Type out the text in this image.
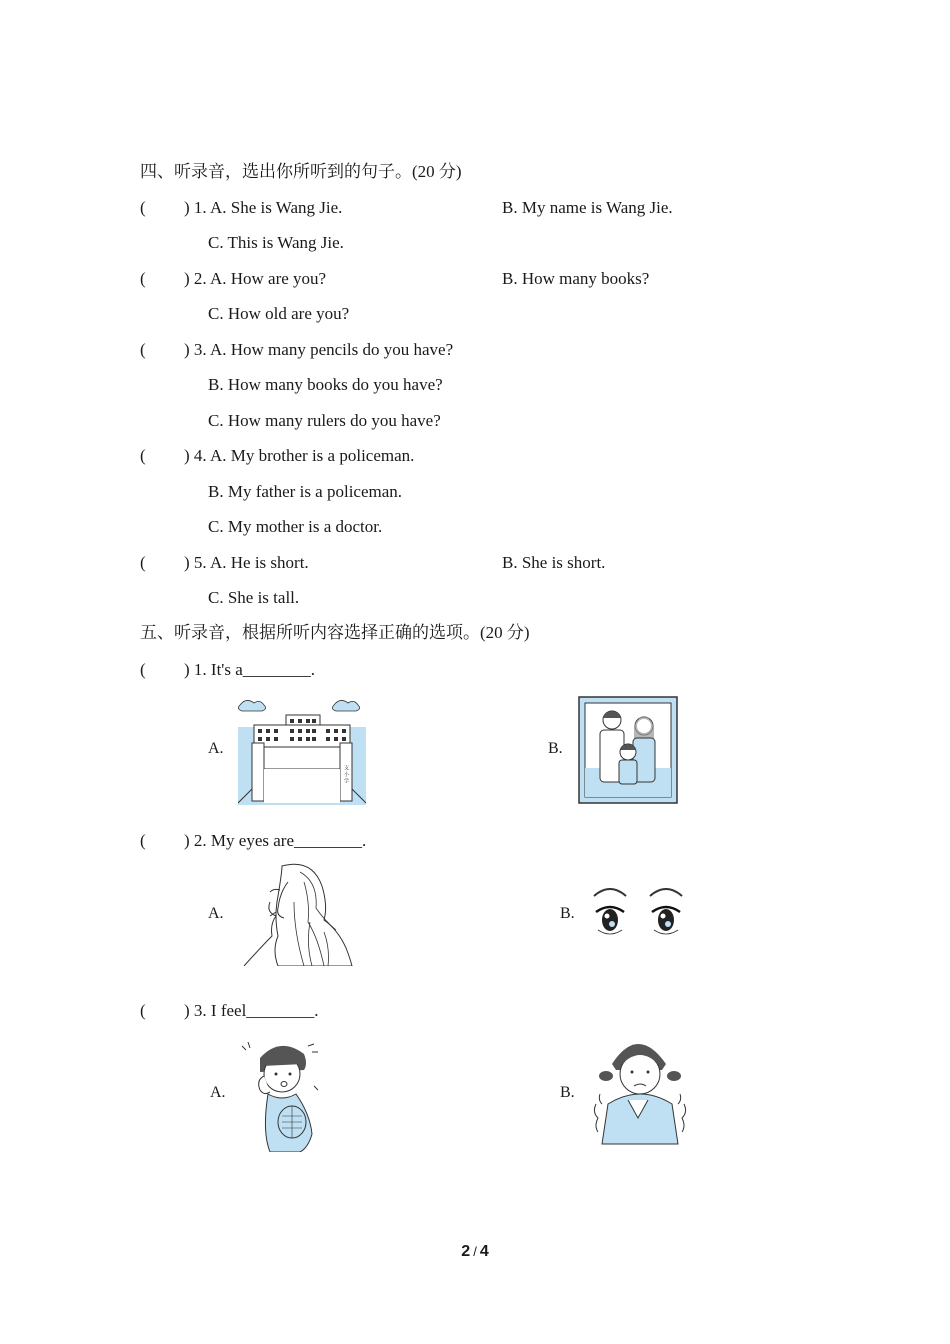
四、听录音，选出你所听到的句子。(20 分)
( ) 1. A. She is Wang Jie.	B. My name is Wang Jie.
C. This is Wang Jie.
( ) 2. A. How are you?	B. How many books?
C. How old are you?
( ) 3. A. How many pencils do you have?
B. How many books do you have?
C. How many rulers do you have?
( ) 4. A. My brother is a policeman.
B. My father is a policeman.
C. My mother is a doctor.
( ) 5. A. He is short.	B. She is short.
C. She is tall.
五、听录音，根据所听内容选择正确的选项。(20 分)
( ) 1. It's a________.
A.
支 小 学
B.
( ) 2. My eyes are________.
A.	B.
( ) 3. I feel________.
A.	B.
2 / 4
